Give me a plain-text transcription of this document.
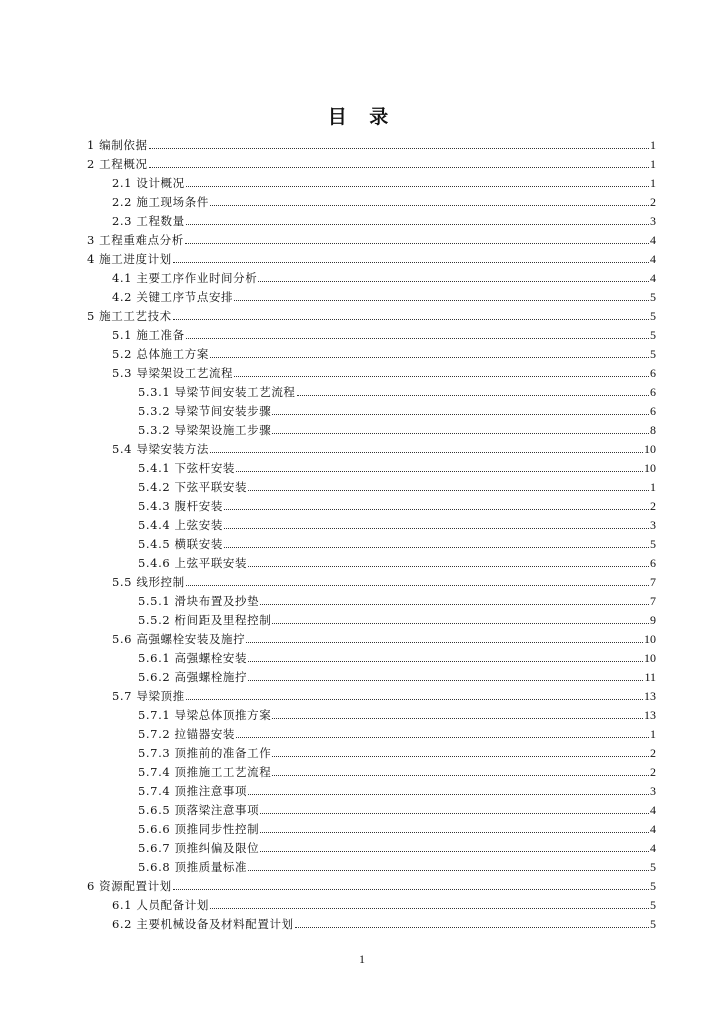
目 录
1 编制依据	1
2 工程概况	1
2.1 设计概况	1
2.2 施工现场条件	2
2.3 工程数量	3
3 工程重难点分析	4
4 施工进度计划	4
4.1 主要工序作业时间分析	4
4.2 关键工序节点安排	5
5 施工工艺技术	5
5.1 施工准备	5
5.2 总体施工方案	5
5.3 导梁架设工艺流程	6
5.3.1 导梁节间安装工艺流程	6
5.3.2 导梁节间安装步骤	6
5.3.2 导梁架设施工步骤	8
5.4 导梁安装方法	10
5.4.1 下弦杆安装	10
5.4.2 下弦平联安装	1
5.4.3 腹杆安装	2
5.4.4 上弦安装	3
5.4.5 横联安装	5
5.4.6 上弦平联安装	6
5.5 线形控制	7
5.5.1 滑块布置及抄垫	7
5.5.2 桁间距及里程控制	9
5.6 高强螺栓安装及施拧	10
5.6.1 高强螺栓安装	10
5.6.2 高强螺栓施拧	11
5.7 导梁顶推	13
5.7.1 导梁总体顶推方案	13
5.7.2 拉锚器安装	1
5.7.3 顶推前的准备工作	2
5.7.4 顶推施工工艺流程	2
5.7.4 顶推注意事项	3
5.6.5 顶落梁注意事项	4
5.6.6 顶推同步性控制	4
5.6.7 顶推纠偏及限位	4
5.6.8 顶推质量标准	5
6 资源配置计划	5
6.1 人员配备计划	5
6.2 主要机械设备及材料配置计划	5
1
